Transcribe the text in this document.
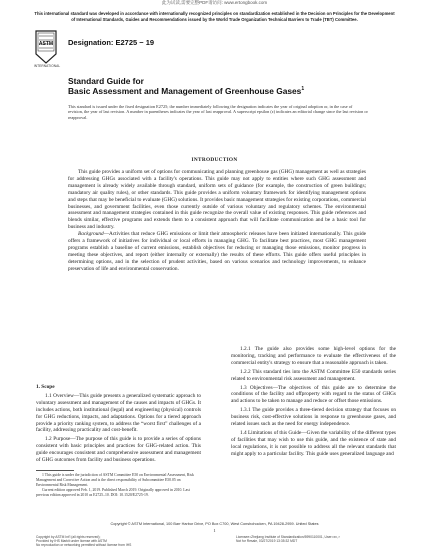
此为试读,需要完整PDF请访问: www.ertongbook.com
This international standard was developed in accordance with internationally recognized principles on standardization established in the Decision on Principles for the Development of International Standards, Guides and Recommendations issued by the World Trade Organization Technical Barriers to Trade (TBT) Committee.
ASTM
INTERNATIONAL
Designation: E2725 − 19
Standard Guide for
Basic Assessment and Management of Greenhouse Gases$^1$
This standard is issued under the fixed designation E2725; the number immediately following the designation indicates the year of original adoption or, in the case of revision, the year of last revision. A number in parentheses indicates the year of last reapproval. A superscript epsilon (ε) indicates an editorial change since the last revision or reapproval.
INTRODUCTION

This guide provides a uniform set of options for communicating and planning greenhouse gas (GHG) management as well as strategies for addressing GHGs associated with a facility's operations. This guide may not apply to entities where such GHG assessment and management is already widely available through standard, uniform sets of guidance (for example, the construction of green buildings; mandatory air quality rules), or other standards. This guide provides a uniform voluntary framework for identifying management options and steps that may be beneficial to evaluate (GHG) solutions. It provides basic management strategies for existing corporations, commercial businesses, and government facilities, even those currently outside of various voluntary and regulatory schemes. The environmental assessment and management strategies contained in this guide recognize the overall value of existing responses. This guide references and blends similar, effective programs and extends them to a consistent approach that will facilitate communication and be a basic tool for business and industry.

Background—Activities that reduce GHG emissions or limit their atmospheric releases have been initiated internationally. This guide offers a framework of initiatives for individual or local efforts in managing GHG. To facilitate best practices, most GHG management programs establish a baseline of current emissions, establish objectives for reducing or managing those emissions, monitor progress in meeting these objectives, and report (either internally or externally) the results of these efforts. This guide offers useful principles in determining options, and in the selection of prudent activities, based on various scenarios and technology improvements, to enhance preservation of life and environmental conservation.

1. Scope

1.1 Overview—This guide presents a generalized systematic approach to voluntary assessment and management of the causes and impacts of GHGs. It includes actions, both institutional (legal) and engineering (physical) controls for GHG reductions, impacts, and adaptations. Options for a tiered approach provide a priority ranking system, to address the “worst first” challenges of a facility, addressing practicality and cost-benefit.

1.2 Purpose—The purpose of this guide is to provide a series of options consistent with basic principles and practices for GHG-related action. This guide encourages consistent and comprehensive assessment and management of GHG outcomes from facility and business operations.

1.2.1 The guide also provides some high-level options for the monitoring, tracking and performance to evaluate the effectiveness of the commercial entity's strategy to ensure that a reasonable approach is taken.

1.2.2 This standard ties into the ASTM Committee E50 standards series related to environmental risk assessment and management.

1.3 Objectives—The objectives of this guide are to determine the conditions of the facility and offproperty with regard to the status of GHGs and actions to be taken to manage and reduce or offset those emissions.

1.3.1 The guide provides a three-tiered decision strategy that focuses on business risk, cost-effective solutions in response to greenhouse gases, and related issues such as the need for energy independence.

1.4 Limitations of this Guide—Given the variability of the different types of facilities that may wish to use this guide, and the existence of state and local regulations, it is not possible to address all the relevant standards that might apply to a particular facility. This guide uses generalized language and

1 This guide is under the jurisdiction of ASTM Committee E50 on Environmental Assessment, Risk Management and Corrective Action and is the direct responsibility of Subcommittee E50.05 on Environmental Risk Management.

Current edition approved Feb. 1, 2019. Published March 2019. Originally approved in 2010. Last previous edition approved in 2010 as E2725–10. DOI: 10.1520/E2725-19.

Copyright © ASTM International, 100 Barr Harbor Drive, PO Box C700, West Conshohocken, PA 19428-2959. United States
1
Copyright by ASTM Int'l (all rights reserved);
Provided by IHS Markit under license with ASTM
No reproduction or networking permitted without license from IHS
Licensee=Zhejiang Institute of Standardization/5990110001, User=xx, r
Not for Resale, 03/27/2019 13:35:32 MDT
